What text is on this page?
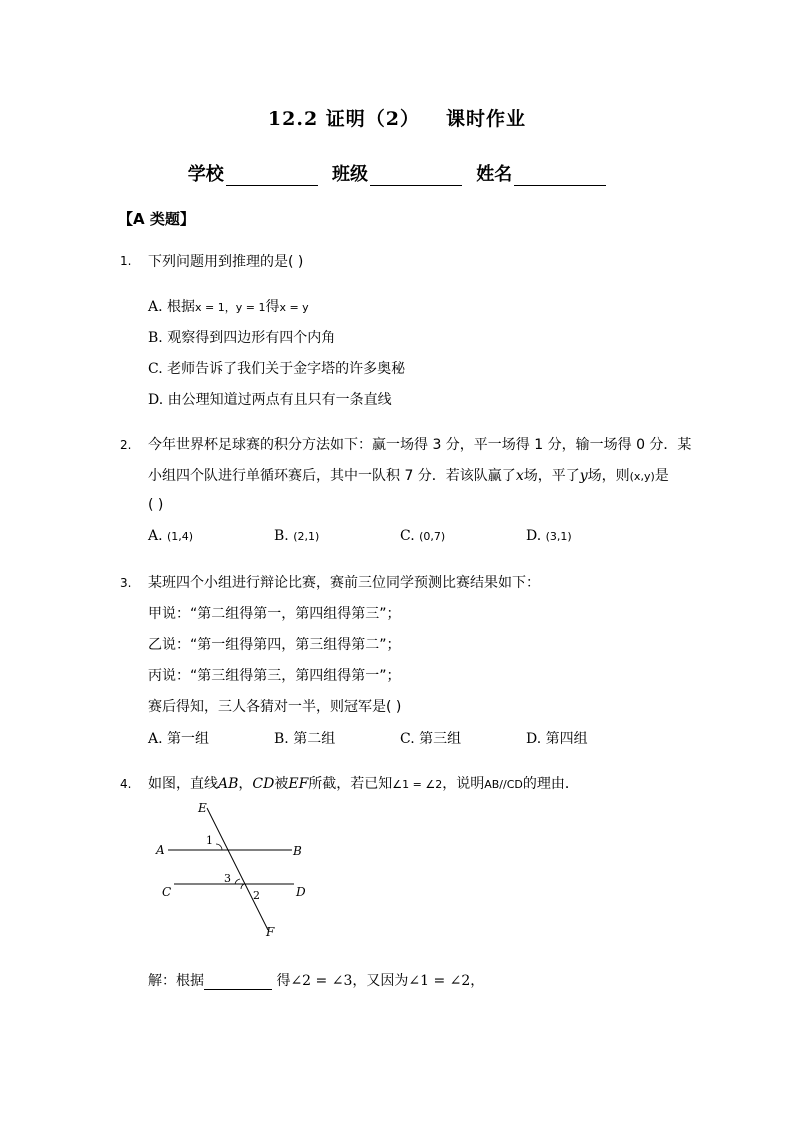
12.2 证明（2） 课时作业
学校	班级	姓名
【A 类题】
1. 下列问题用到推理的是( )
A. 根据x = 1，y = 1得x = y
B. 观察得到四边形有四个内角
C. 老师告诉了我们关于金字塔的许多奥秘
D. 由公理知道过两点有且只有一条直线
2. 今年世界杯足球赛的积分方法如下：赢一场得 3 分，平一场得 1 分，输一场得 0 分．某
小组四个队进行单循环赛后，其中一队积 7 分．若该队赢了x场，平了y场，则(x,y)是
( )
A. (1,4)	B. (2,1)	C. (0,7)	D. (3,1)
3. 某班四个小组进行辩论比赛，赛前三位同学预测比赛结果如下：
甲说：“第二组得第一，第四组得第三”；
乙说：“第一组得第四，第三组得第二”；
丙说：“第三组得第三，第四组得第一”；
赛后得知，三人各猜对一半，则冠军是( )
A. 第一组	B. 第二组	C. 第三组	D. 第四组
4. 如图，直线AB，CD被EF所截，若已知∠1 = ∠2，说明AB//CD的理由．
E
A	B
C	D
F
1
2
3
解：根据	得∠2 = ∠3，又因为∠1 = ∠2，
